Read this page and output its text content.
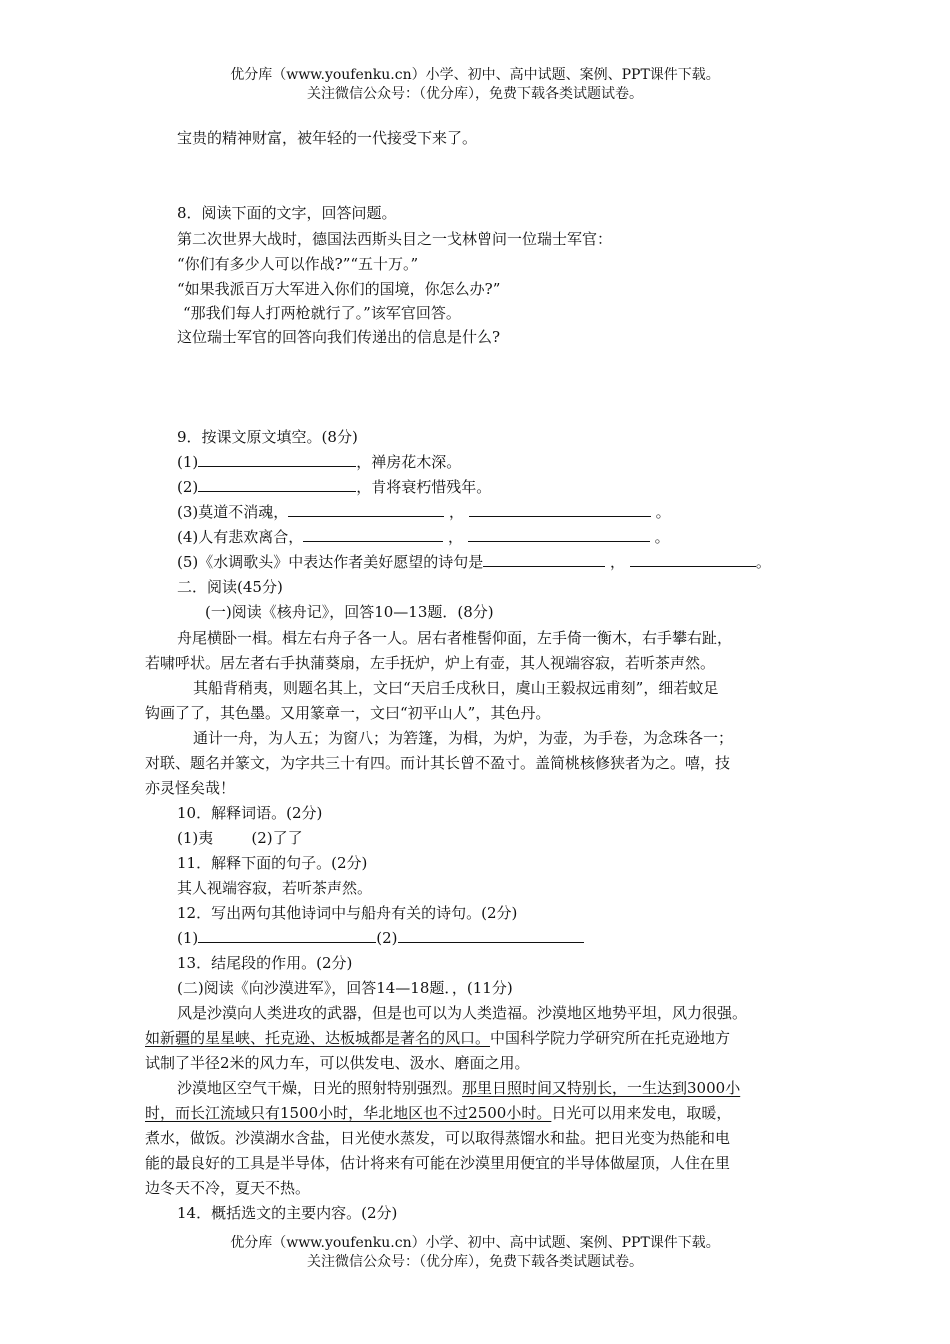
优分库（www.youfenku.cn）小学、初中、高中试题、案例、PPT课件下载。
关注微信公众号：（优分库），免费下载各类试题试卷。
宝贵的精神财富，被年轻的一代接受下来了。
8．阅读下面的文字，回答问题。
第二次世界大战时，德国法西斯头目之一戈林曾问一位瑞士军官：
“你们有多少人可以作战?”“五十万。”
“如果我派百万大军进入你们的国境，你怎么办?”
“那我们每人打两枪就行了。”该军官回答。
这位瑞士军官的回答向我们传递出的信息是什么?
9．按课文原文填空。(8分)
(1)	，禅房花木深。
(2)	，肯将衰朽惜残年。
(3)莫道不消魂，	，	。
(4)人有悲欢离合，	，	。
(5)《水调歌头》中表达作者美好愿望的诗句是	，	。
二．阅读(45分)
(一)阅读《核舟记》，回答10—13题．(8分)
舟尾横卧一楫。楫左右舟子各一人。居右者椎髻仰面，左手倚一衡木，右手攀右趾，
若啸呼状。居左者右手执蒲葵扇，左手抚炉，炉上有壶，其人视端容寂，若听茶声然。
其船背稍夷，则题名其上，文曰“天启壬戌秋日，虞山王毅叔远甫刻”，细若蚊足
钩画了了，其色墨。又用篆章一，文曰“初平山人”，其色丹。
通计一舟，为人五；为窗八；为箬篷，为楫，为炉，为壶，为手卷，为念珠各一；
对联、题名并篆文，为字共三十有四。而计其长曾不盈寸。盖简桃核修狭者为之。嘻，技
亦灵怪矣哉！
10．解释词语。(2分)
(1)夷        (2)了了
11．解释下面的句子。(2分)
其人视端容寂，若听茶声然。
12．写出两句其他诗词中与船舟有关的诗句。(2分)
(1)	(2)
13．结尾段的作用。(2分)
(二)阅读《向沙漠进军》，回答14—18题．，(11分)
风是沙漠向人类进攻的武器，但是也可以为人类造福。沙漠地区地势平坦，风力很强。
如新疆的星星峡、托克逊、达板城都是著名的风口。中国科学院力学研究所在托克逊地方
试制了半径2米的风力车，可以供发电、汲水、磨面之用。
沙漠地区空气干燥，日光的照射特别强烈。那里日照时间又特别长，一生达到3000小
时，而长江流域只有1500小时，华北地区也不过2500小时。日光可以用来发电，取暖，
煮水，做饭。沙漠湖水含盐，日光使水蒸发，可以取得蒸馏水和盐。把日光变为热能和电
能的最良好的工具是半导体，估计将来有可能在沙漠里用便宜的半导体做屋顶，人住在里
边冬天不冷，夏天不热。
14．概括选文的主要内容。(2分)
优分库（www.youfenku.cn）小学、初中、高中试题、案例、PPT课件下载。
关注微信公众号：（优分库），免费下载各类试题试卷。
